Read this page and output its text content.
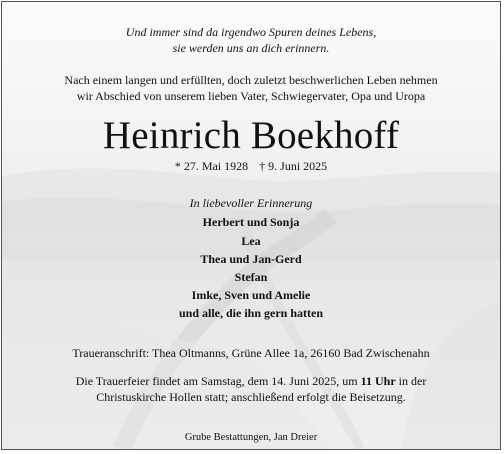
Und immer sind da irgendwo Spuren deines Lebens,
sie werden uns an dich erinnern.
Nach einem langen und erfüllten, doch zuletzt beschwerlichen Leben nehmen
wir Abschied von unserem lieben Vater, Schwiegervater, Opa und Uropa
Heinrich Boekhoff
* 27. Mai 1928 † 9. Juni 2025
In liebevoller Erinnerung
Herbert und Sonja
Lea
Thea und Jan-Gerd
Stefan
Imke, Sven und Amelie
und alle, die ihn gern hatten
Traueranschrift: Thea Oltmanns, Grüne Allee 1a, 26160 Bad Zwischenahn
Die Trauerfeier findet am Samstag, dem 14. Juni 2025, um 11 Uhr in der
Christuskirche Hollen statt; anschließend erfolgt die Beisetzung.
Grube Bestattungen, Jan Dreier
